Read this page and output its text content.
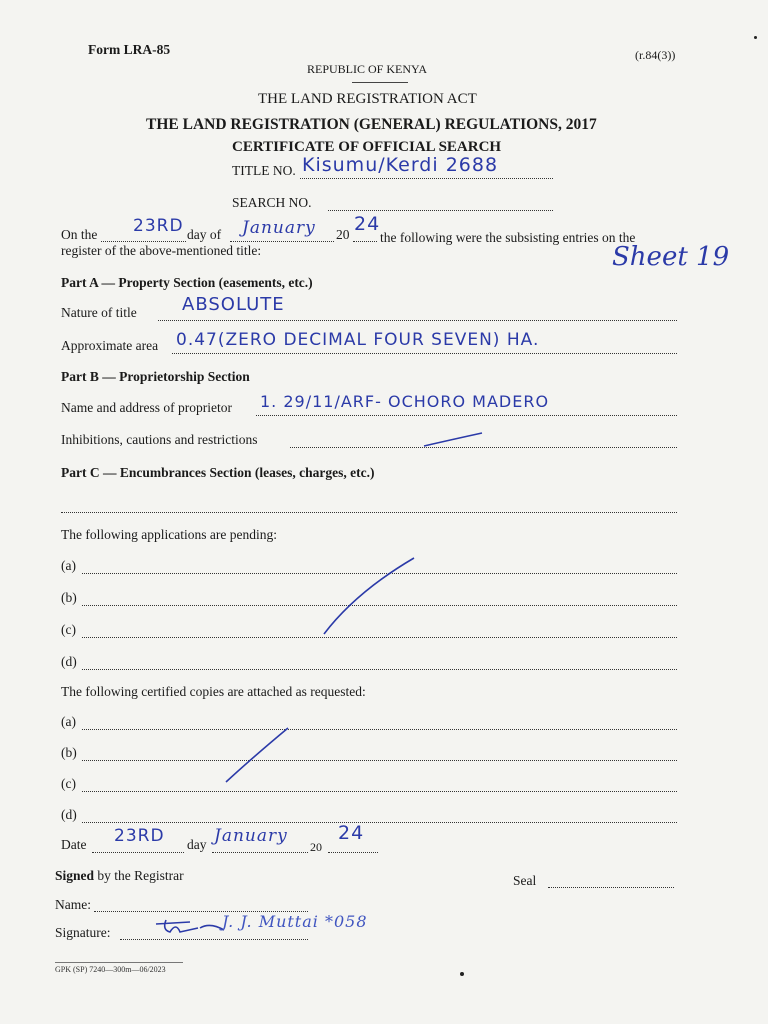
Form LRA-85	(r.84(3))
REPUBLIC OF KENYA
THE LAND REGISTRATION ACT
THE LAND REGISTRATION (GENERAL) REGULATIONS, 2017
CERTIFICATE OF OFFICIAL SEARCH
TITLE NO. Kisumu/Kerdi 2688
SEARCH NO.
On the 23RD day of January 20 24
the following were the subsisting entries on the
register of the above-mentioned title:	Sheet 19
Part A — Property Section (easements, etc.)
Nature of title	ABSOLUTE
Approximate area 0.47(ZERO DECIMAL FOUR SEVEN) HA.
Part B — Proprietorship Section
Name and address of proprietor 1. 29/11/ARF- OCHORO MADERO
Inhibitions, cautions and restrictions
Part C — Encumbrances Section (leases, charges, etc.)
The following applications are pending:
(a)
(b)
(c)
(d)
The following certified copies are attached as requested:
(a)
(b)
(c)
(d)
Date 23RD day January
20
24
Signed by the Registrar	Seal
Name:
Signature:
J. J. Muttai *058
GPK (SP) 7240—300m—06/2023
